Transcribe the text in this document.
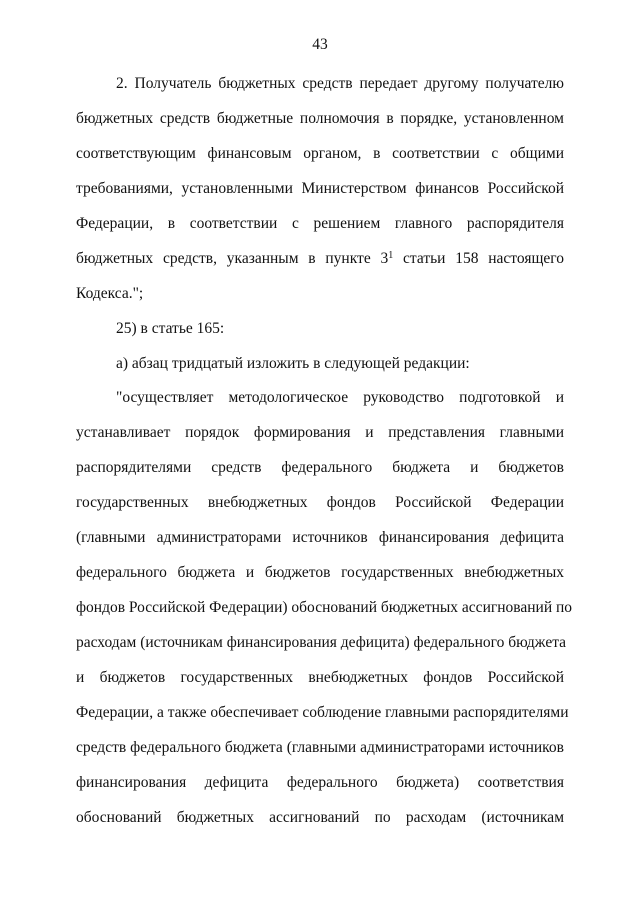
43
2. Получатель бюджетных средств передает другому получателю
бюджетных средств бюджетные полномочия в порядке, установленном
соответствующим финансовым органом, в соответствии с общими
требованиями, установленными Министерством финансов Российской
Федерации, в соответствии с решением главного распорядителя
бюджетных средств, указанным в пункте $3^1$ статьи 158 настоящего
Кодекса.";
25) в статье 165:
а) абзац тридцатый изложить в следующей редакции:
"осуществляет методологическое руководство подготовкой и
устанавливает порядок формирования и представления главными
распорядителями средств федерального бюджета и бюджетов
государственных внебюджетных фондов Российской Федерации
(главными администраторами источников финансирования дефицита
федерального бюджета и бюджетов государственных внебюджетных
фондов Российской Федерации) обоснований бюджетных ассигнований по
расходам (источникам финансирования дефицита) федерального бюджета
и бюджетов государственных внебюджетных фондов Российской
Федерации, а также обеспечивает соблюдение главными распорядителями
средств федерального бюджета (главными администраторами источников
финансирования дефицита федерального бюджета) соответствия
обоснований бюджетных ассигнований по расходам (источникам
